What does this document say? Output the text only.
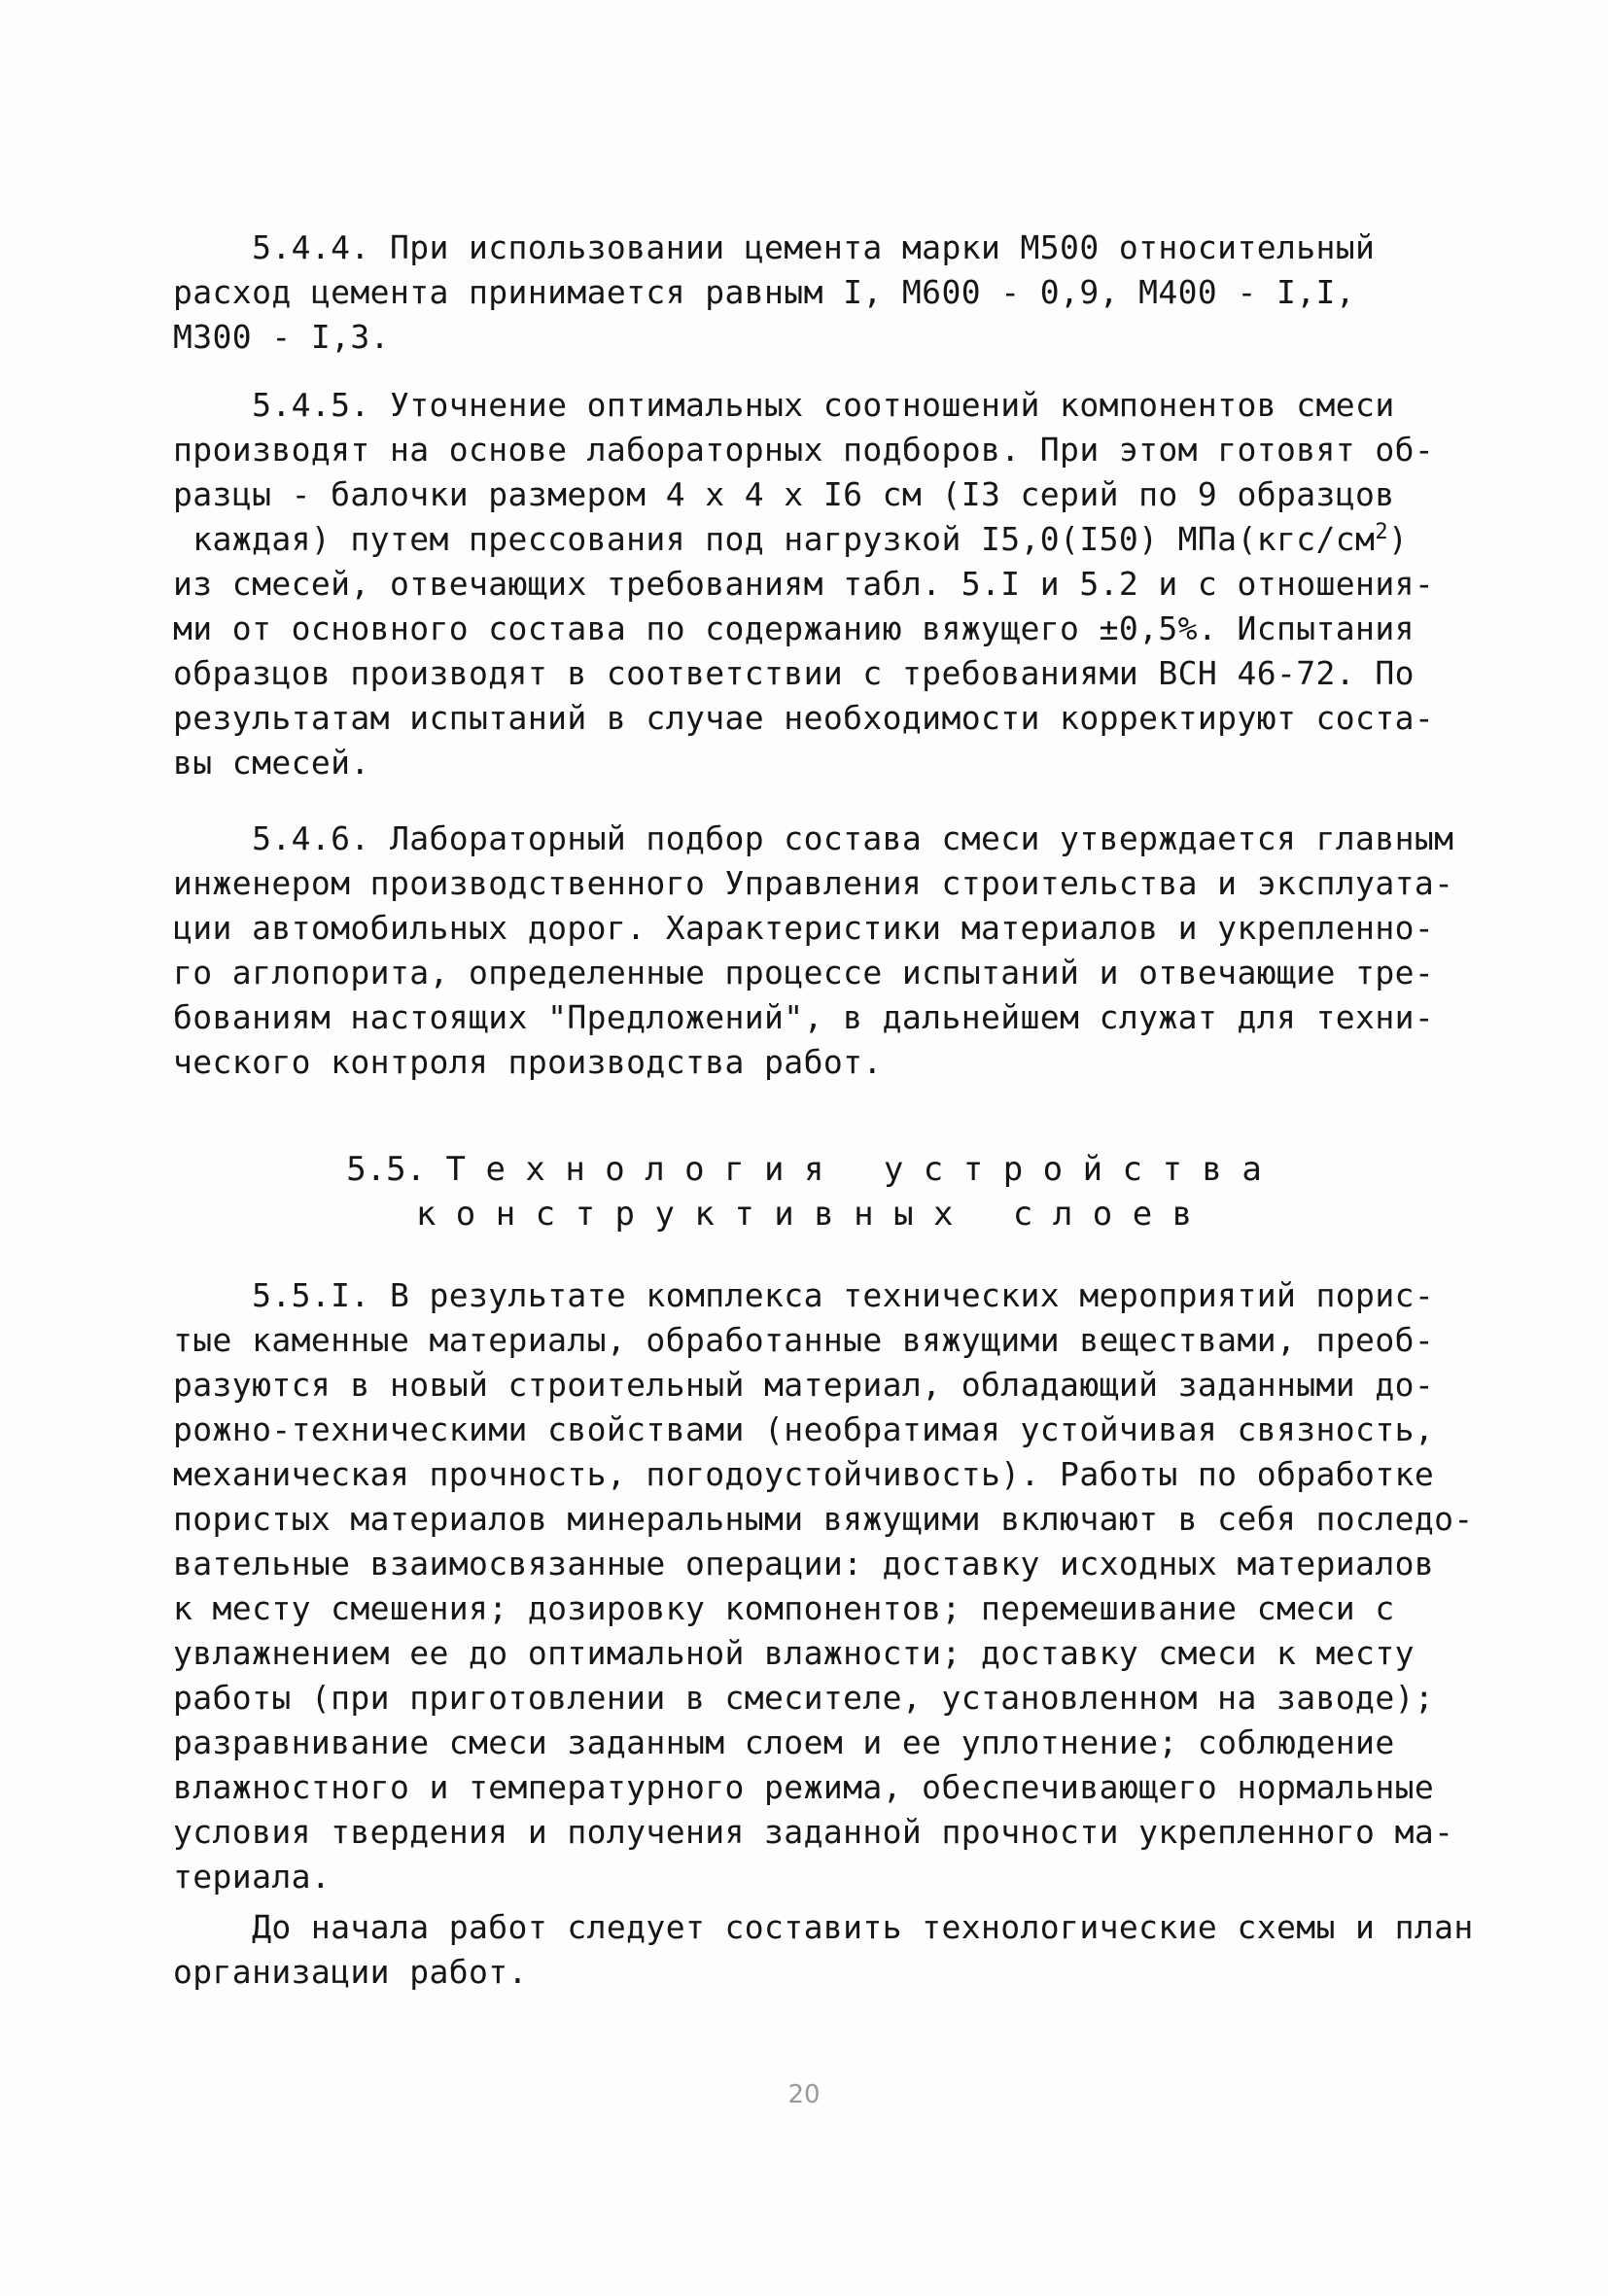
5.4.4. При использовании цемента марки М500 относительный
расход цемента принимается равным I, М600 - 0,9, М400 - I,I,
М300 - I,3.
5.4.5. Уточнение оптимальных соотношений компонентов смеси
производят на основе лабораторных подборов. При этом готовят об-
разцы - балочки размером 4 х 4 х I6 см (I3 серий по 9 образцов
каждая) путем прессования под нагрузкой I5,0(I50) $МПа(кгс/см^2)$
из смесей, отвечающих требованиям табл. 5.I и 5.2 и с отношения-
ми от основного состава по содержанию вяжущего ±0,5%. Испытания
образцов производят в соответствии с требованиями ВСН 46-72. По
результатам испытаний в случае необходимости корректируют соста-
вы смесей.
5.4.6. Лабораторный подбор состава смеси утверждается главным
инженером производственного Управления строительства и эксплуата-
ции автомобильных дорог. Характеристики материалов и укрепленно-
го аглопорита, определенные процессе испытаний и отвечающие тре-
бованиям настоящих "Предложений", в дальнейшем служат для техни-
ческого контроля производства работ.
5.5. Т е х н о л о г и я   у с т р о й с т в а
к о н с т р у к т и в н ы х   с л о е в
5.5.I. В результате комплекса технических мероприятий порис-
тые каменные материалы, обработанные вяжущими веществами, преоб-
разуются в новый строительный материал, обладающий заданными до-
рожно-техническими свойствами (необратимая устойчивая связность,
механическая прочность, погодоустойчивость). Работы по обработке
пористых материалов минеральными вяжущими включают в себя последо-
вательные взаимосвязанные операции: доставку исходных материалов
к месту смешения; дозировку компонентов; перемешивание смеси с
увлажнением ее до оптимальной влажности; доставку смеси к месту
работы (при приготовлении в смесителе, установленном на заводе);
разравнивание смеси заданным слоем и ее уплотнение; соблюдение
влажностного и температурного режима, обеспечивающего нормальные
условия твердения и получения заданной прочности укрепленного ма-
териала.
До начала работ следует составить технологические схемы и план
организации работ.
20
